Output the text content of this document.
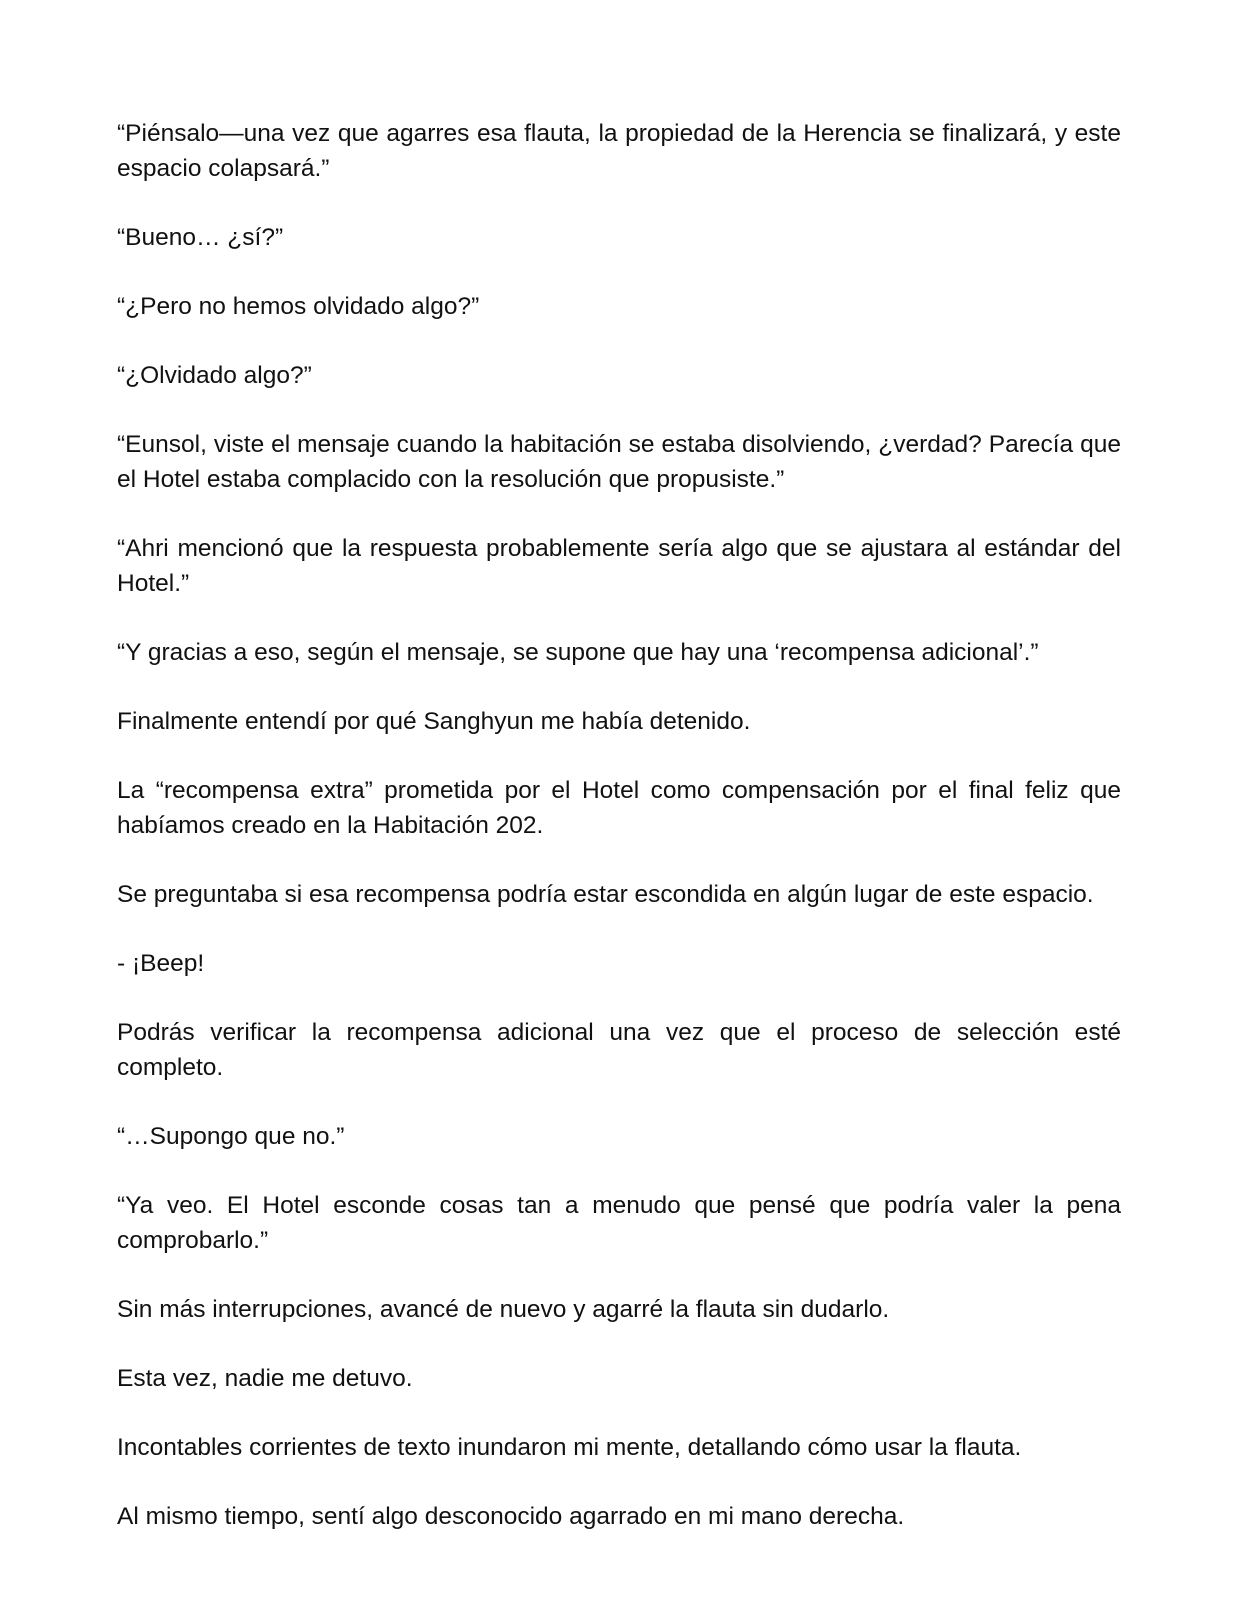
“Piénsalo—una vez que agarres esa flauta, la propiedad de la Herencia se finalizará, y este espacio colapsará.”

“Bueno… ¿sí?”

“¿Pero no hemos olvidado algo?”

“¿Olvidado algo?”

“Eunsol, viste el mensaje cuando la habitación se estaba disolviendo, ¿verdad? Parecía que el Hotel estaba complacido con la resolución que propusiste.”

“Ahri mencionó que la respuesta probablemente sería algo que se ajustara al estándar del Hotel.”

“Y gracias a eso, según el mensaje, se supone que hay una ‘recompensa adicional’.”

Finalmente entendí por qué Sanghyun me había detenido.

La “recompensa extra” prometida por el Hotel como compensación por el final feliz que habíamos creado en la Habitación 202.

Se preguntaba si esa recompensa podría estar escondida en algún lugar de este espacio.

- ¡Beep!

Podrás verificar la recompensa adicional una vez que el proceso de selección esté completo.

“…Supongo que no.”

“Ya veo. El Hotel esconde cosas tan a menudo que pensé que podría valer la pena comprobarlo.”

Sin más interrupciones, avancé de nuevo y agarré la flauta sin dudarlo.

Esta vez, nadie me detuvo.

Incontables corrientes de texto inundaron mi mente, detallando cómo usar la flauta.

Al mismo tiempo, sentí algo desconocido agarrado en mi mano derecha.
